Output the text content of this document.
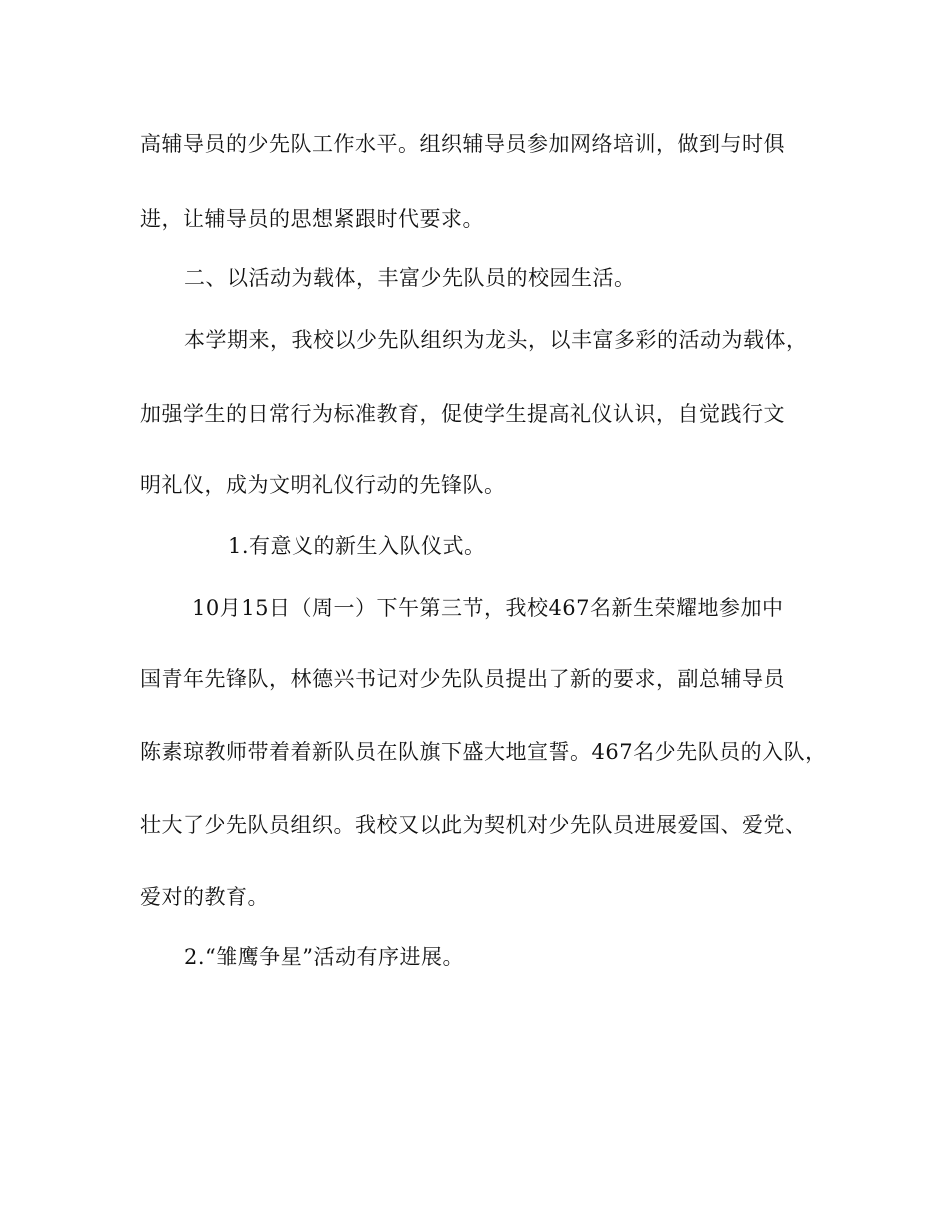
高辅导员的少先队工作水平。组织辅导员参加网络培训，做到与时俱
进，让辅导员的思想紧跟时代要求。
二、以活动为载体，丰富少先队员的校园生活。
本学期来，我校以少先队组织为龙头，以丰富多彩的活动为载体，
加强学生的日常行为标准教育，促使学生提高礼仪认识，自觉践行文
明礼仪，成为文明礼仪行动的先锋队。
1.有意义的新生入队仪式。
10月15日（周一）下午第三节，我校467名新生荣耀地参加中
国青年先锋队，林德兴书记对少先队员提出了新的要求，副总辅导员
陈素琼教师带着着新队员在队旗下盛大地宣誓。467名少先队员的入队，
壮大了少先队员组织。我校又以此为契机对少先队员进展爱国、爱党、
爱对的教育。
2.“雏鹰争星”活动有序进展。
